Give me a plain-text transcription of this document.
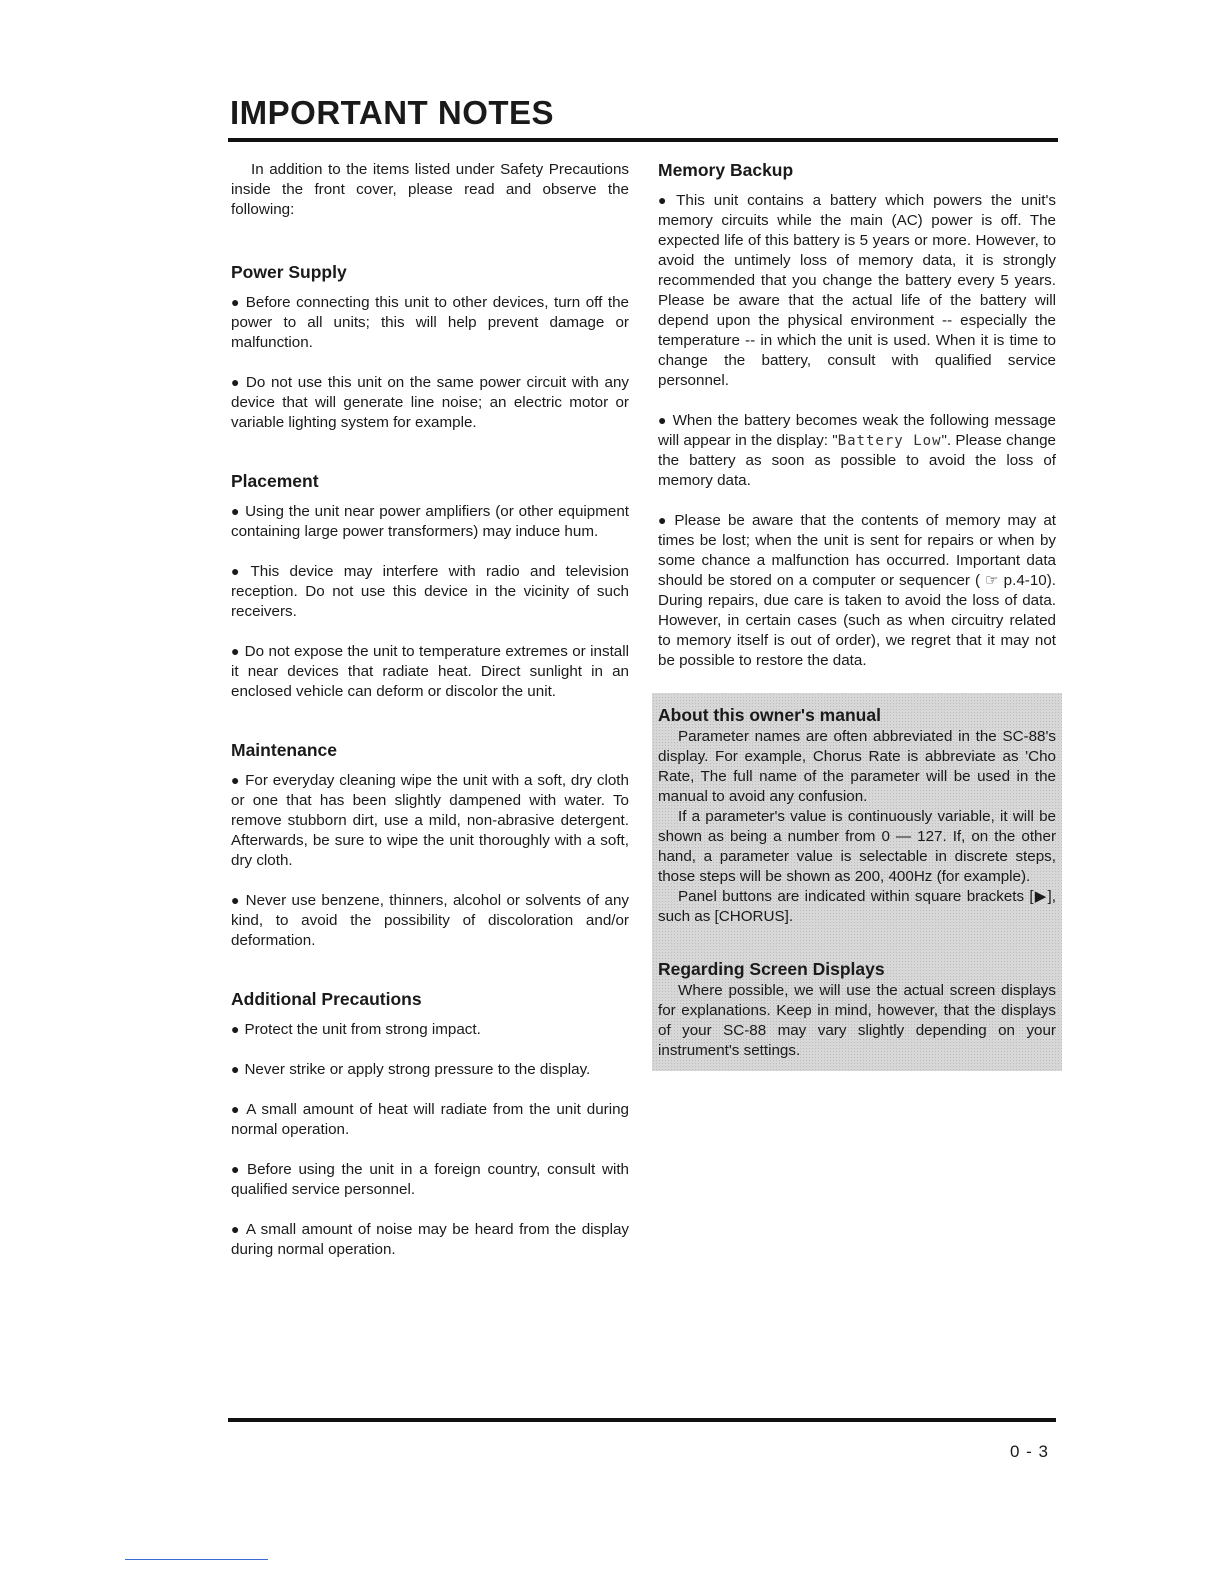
IMPORTANT NOTES

In addition to the items listed under Safety Precautions inside the front cover, please read and observe the following:

Power Supply

● Before connecting this unit to other devices, turn off the power to all units; this will help prevent damage or malfunction.

● Do not use this unit on the same power circuit with any device that will generate line noise; an electric motor or variable lighting system for example.

Placement

● Using the unit near power amplifiers (or other equipment containing large power transformers) may induce hum.

● This device may interfere with radio and television reception. Do not use this device in the vicinity of such receivers.

● Do not expose the unit to temperature extremes or install it near devices that radiate heat. Direct sunlight in an enclosed vehicle can deform or discolor the unit.

Maintenance

● For everyday cleaning wipe the unit with a soft, dry cloth or one that has been slightly dampened with water. To remove stubborn dirt, use a mild, non-abrasive detergent. Afterwards, be sure to wipe the unit thoroughly with a soft, dry cloth.

● Never use benzene, thinners, alcohol or solvents of any kind, to avoid the possibility of discoloration and/or deformation.

Additional Precautions

● Protect the unit from strong impact.

● Never strike or apply strong pressure to the display.

● A small amount of heat will radiate from the unit during normal operation.

● Before using the unit in a foreign country, consult with qualified service personnel.

● A small amount of noise may be heard from the display during normal operation.

Memory Backup

● This unit contains a battery which powers the unit's memory circuits while the main (AC) power is off. The expected life of this battery is 5 years or more. However, to avoid the untimely loss of memory data, it is strongly recommended that you change the battery every 5 years. Please be aware that the actual life of the battery will depend upon the physical environment -- especially the temperature -- in which the unit is used. When it is time to change the battery, consult with qualified service personnel.

● When the battery becomes weak the following message will appear in the display: "Battery Low". Please change the battery as soon as possible to avoid the loss of memory data.

● Please be aware that the contents of memory may at times be lost; when the unit is sent for repairs or when by some chance a malfunction has occurred. Important data should be stored on a computer or sequencer ( ☞ p.4-10). During repairs, due care is taken to avoid the loss of data. However, in certain cases (such as when circuitry related to memory itself is out of order), we regret that it may not be possible to restore the data.

About this owner's manual

Parameter names are often abbreviated in the SC-88's display. For example, Chorus Rate is abbreviate as 'Cho Rate, The full name of the parameter will be used in the manual to avoid any confusion.

If a parameter's value is continuously variable, it will be shown as being a number from 0 — 127. If, on the other hand, a parameter value is selectable in discrete steps, those steps will be shown as 200, 400Hz (for example).

Panel buttons are indicated within square brackets [▶], such as [CHORUS].

Regarding Screen Displays

Where possible, we will use the actual screen displays for explanations. Keep in mind, however, that the displays of your SC-88 may vary slightly depending on your instrument's settings.

0 - 3
